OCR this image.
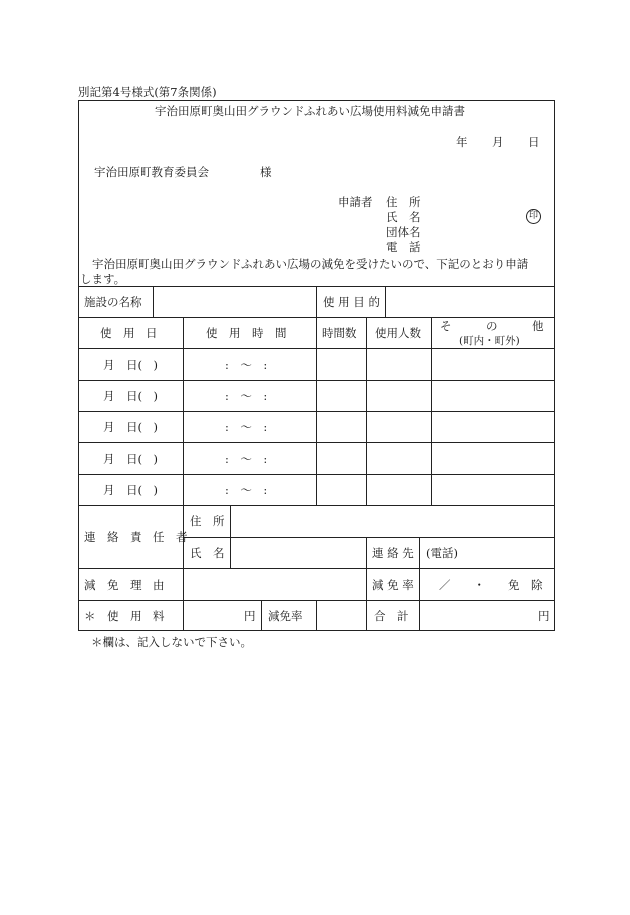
別記第4号様式(第7条関係)
宇治田原町奥山田グラウンドふれあい広場使用料減免申請書
年 月 日
宇治田原町教育委員会	様
申請者 住　所
氏　名	印
団体名
電　話
宇治田原町奥山田グラウンドふれあい広場の減免を受けたいので、下記のとおり申請
します。
施設の名称	使 用 目 的
使　用　日	使　用　時　間	時間数 使用人数 そ　　　の　　　他
(町内・町外)
月　日(　)	:　〜　:
月　日(　)	:　〜　:
月　日(　)	:　〜　:
月　日(　)	:　〜　:
月　日(　)	:　〜　:
連　絡　責　任　者
住　所
氏　名	連 絡 先 (電話)
減　免　理　由	減 免 率 ／　　・　　免　除
＊　使　用　料	円 減免率	合　計	円
＊欄は、記入しないで下さい。
